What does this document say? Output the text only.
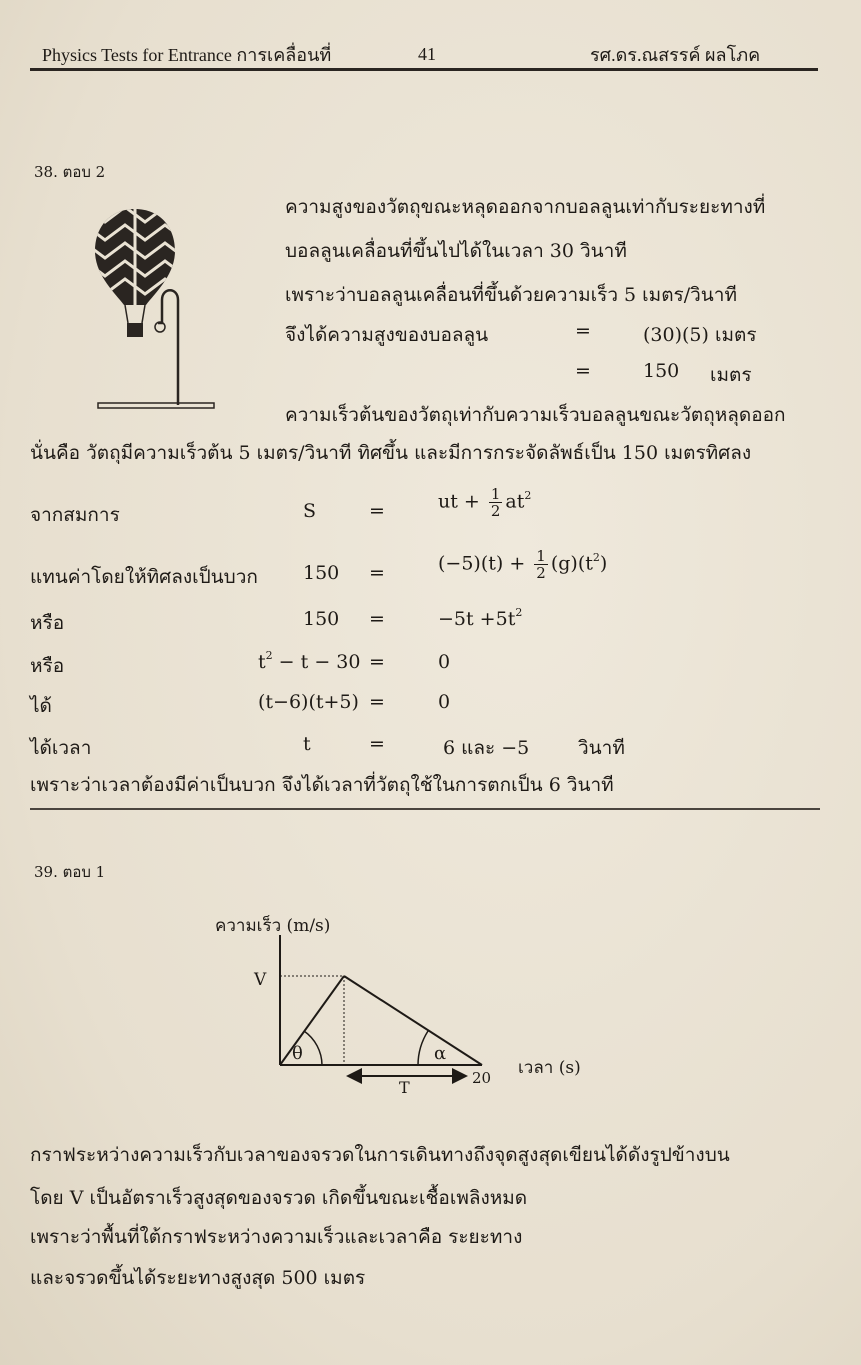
Physics Tests for Entrance การเคลื่อนที่	41	รศ.ดร.ณสรรค์ ผลโภค
38. ตอบ 2
ความสูงของวัตถุขณะหลุดออกจากบอลลูนเท่ากับระยะทางที่
บอลลูนเคลื่อนที่ขึ้นไปได้ในเวลา 30 วินาที
เพราะว่าบอลลูนเคลื่อนที่ขึ้นด้วยความเร็ว 5 เมตร/วินาที
จึงได้ความสูงของบอลลูน	=	(30)(5) เมตร
=	150 เมตร
ความเร็วต้นของวัตถุเท่ากับความเร็วบอลลูนขณะวัตถุหลุดออก
นั่นคือ วัตถุมีความเร็วต้น 5 เมตร/วินาที ทิศขึ้น และมีการกระจัดลัพธ์เป็น 150 เมตรทิศลง
จากสมการ	S	=	ut + $\frac{1}{2} at^2$
แทนค่าโดยให้ทิศลงเป็นบวก 150 =	$(-5)(t) + \frac{1}{2} (g)(t^2)$
หรือ	150 =	$-5t +5t^2$
หรือ	$t^2 - t - 30$ =	0
ได้	(t−6)(t+5) =	0
ได้เวลา	t	=	6 และ −5	วินาที
เพราะว่าเวลาต้องมีค่าเป็นบวก จึงได้เวลาที่วัตถุใช้ในการตกเป็น 6 วินาที
39. ตอบ 1
ความเร็ว (m/s)
เวลา (s)
V
θ	α
T	20
กราฟระหว่างความเร็วกับเวลาของจรวดในการเดินทางถึงจุดสูงสุดเขียนได้ดังรูปข้างบน
โดย V เป็นอัตราเร็วสูงสุดของจรวด เกิดขึ้นขณะเชื้อเพลิงหมด
เพราะว่าพื้นที่ใต้กราฟระหว่างความเร็วและเวลาคือ ระยะทาง
และจรวดขึ้นได้ระยะทางสูงสุด 500 เมตร
